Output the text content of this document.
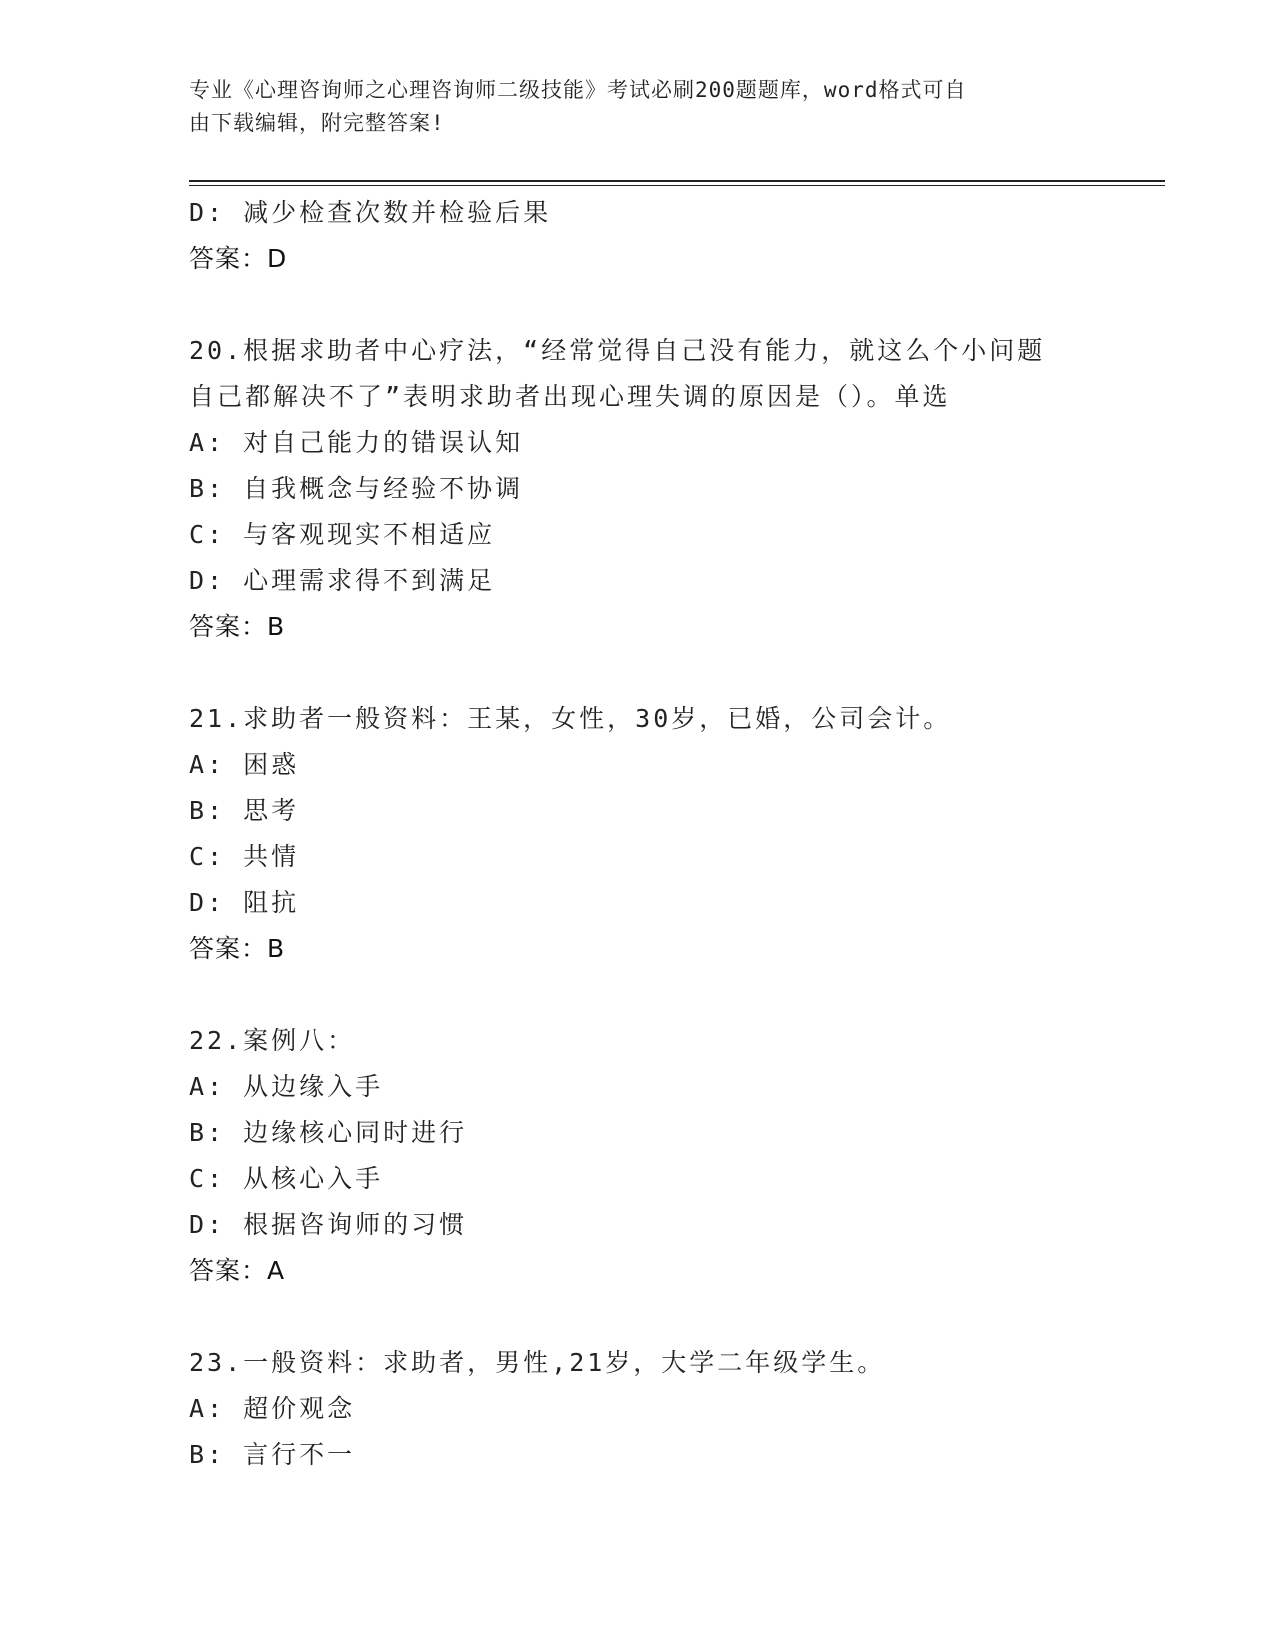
专业《心理咨询师之心理咨询师二级技能》考试必刷200题题库，word格式可自
由下载编辑，附完整答案!
D: 减少检查次数并检验后果
答案：D
20.根据求助者中心疗法，“经常觉得自己没有能力，就这么个小问题
自己都解决不了”表明求助者出现心理失调的原因是（）。单选
A: 对自己能力的错误认知
B: 自我概念与经验不协调
C: 与客观现实不相适应
D: 心理需求得不到满足
答案：B
21.求助者一般资料：王某，女性，30岁，已婚，公司会计。
A: 困惑
B: 思考
C: 共情
D: 阻抗
答案：B
22.案例八：
A: 从边缘入手
B: 边缘核心同时进行
C: 从核心入手
D: 根据咨询师的习惯
答案：A
23.一般资料：求助者，男性,21岁，大学二年级学生。
A: 超价观念
B: 言行不一
